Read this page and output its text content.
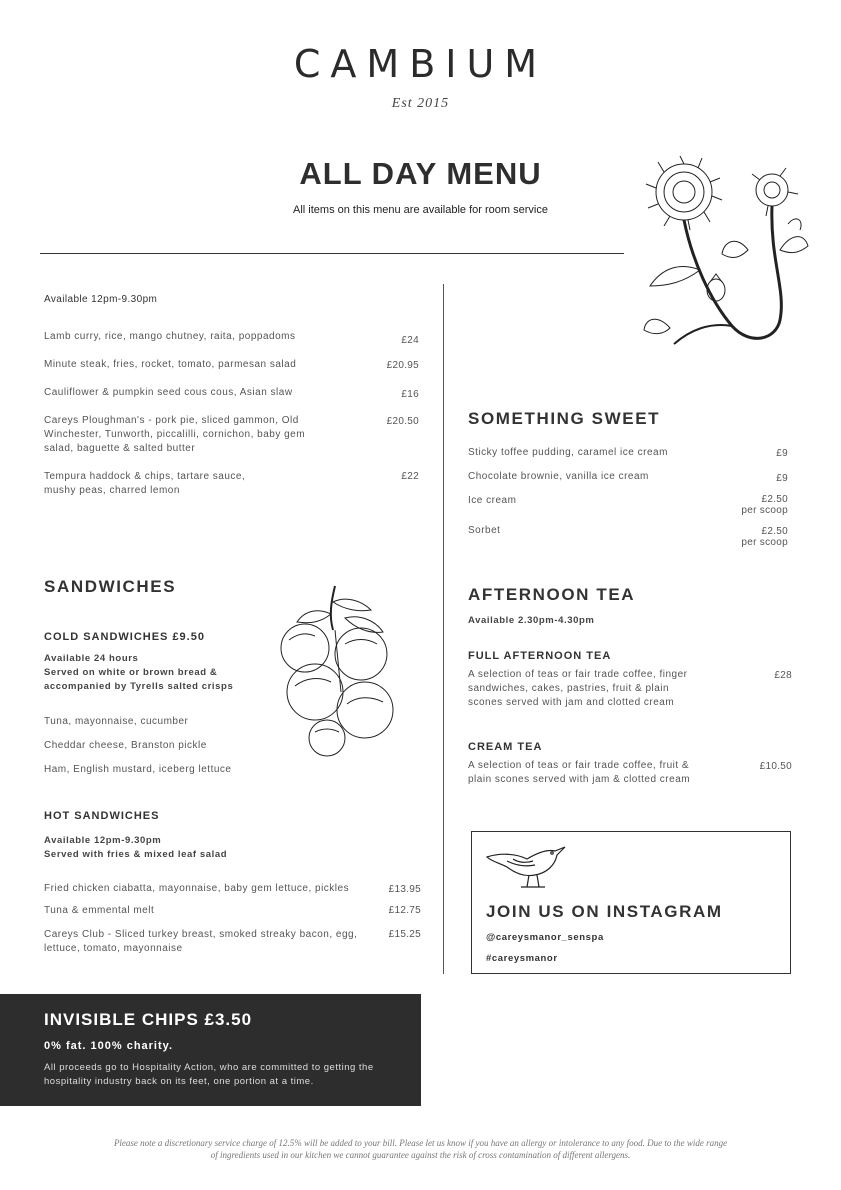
CAMBIUM
Est 2015
ALL DAY MENU
All items on this menu are available for room service
Available 12pm-9.30pm
Lamb curry, rice, mango chutney, raita, poppadoms	£24
Minute steak, fries, rocket, tomato, parmesan salad	£20.95
Cauliflower & pumpkin seed cous cous, Asian slaw	£16
Careys Ploughman's - pork pie, sliced gammon, Old Winchester, Tunworth, piccalilli, cornichon, baby gem salad, baguette & salted butter
£20.50
Tempura haddock & chips, tartare sauce, mushy peas, charred lemon
£22
SANDWICHES
COLD SANDWICHES £9.50
Available 24 hours
Served on white or brown bread &
accompanied by Tyrells salted crisps
Tuna, mayonnaise, cucumber
Cheddar cheese, Branston pickle
Ham, English mustard, iceberg lettuce
HOT SANDWICHES
Available 12pm-9.30pm
Served with fries & mixed leaf salad
Fried chicken ciabatta, mayonnaise, baby gem lettuce, pickles	£13.95
Tuna & emmental melt	£12.75
Careys Club - Sliced turkey breast, smoked streaky bacon, egg, lettuce, tomato, mayonnaise
£15.25
SOMETHING SWEET
Sticky toffee pudding, caramel ice cream	£9
Chocolate brownie, vanilla ice cream	£9
Ice cream	£2.50
per scoop
Sorbet	£2.50
per scoop
AFTERNOON TEA
Available 2.30pm-4.30pm
FULL AFTERNOON TEA
A selection of teas or fair trade coffee, finger sandwiches, cakes, pastries, fruit & plain scones served with jam and clotted cream
£28
CREAM TEA
A selection of teas or fair trade coffee, fruit & plain scones served with jam & clotted cream
£10.50
JOIN US ON INSTAGRAM
@careysmanor_senspa
#careysmanor
INVISIBLE CHIPS £3.50
0% fat. 100% charity.
All proceeds go to Hospitality Action, who are committed to getting the hospitality industry back on its feet, one portion at a time.
Please note a discretionary service charge of 12.5% will be added to your bill. Please let us know if you have an allergy or intolerance to any food. Due to the wide range
of ingredients used in our kitchen we cannot guarantee against the risk of cross contamination of different allergens.
